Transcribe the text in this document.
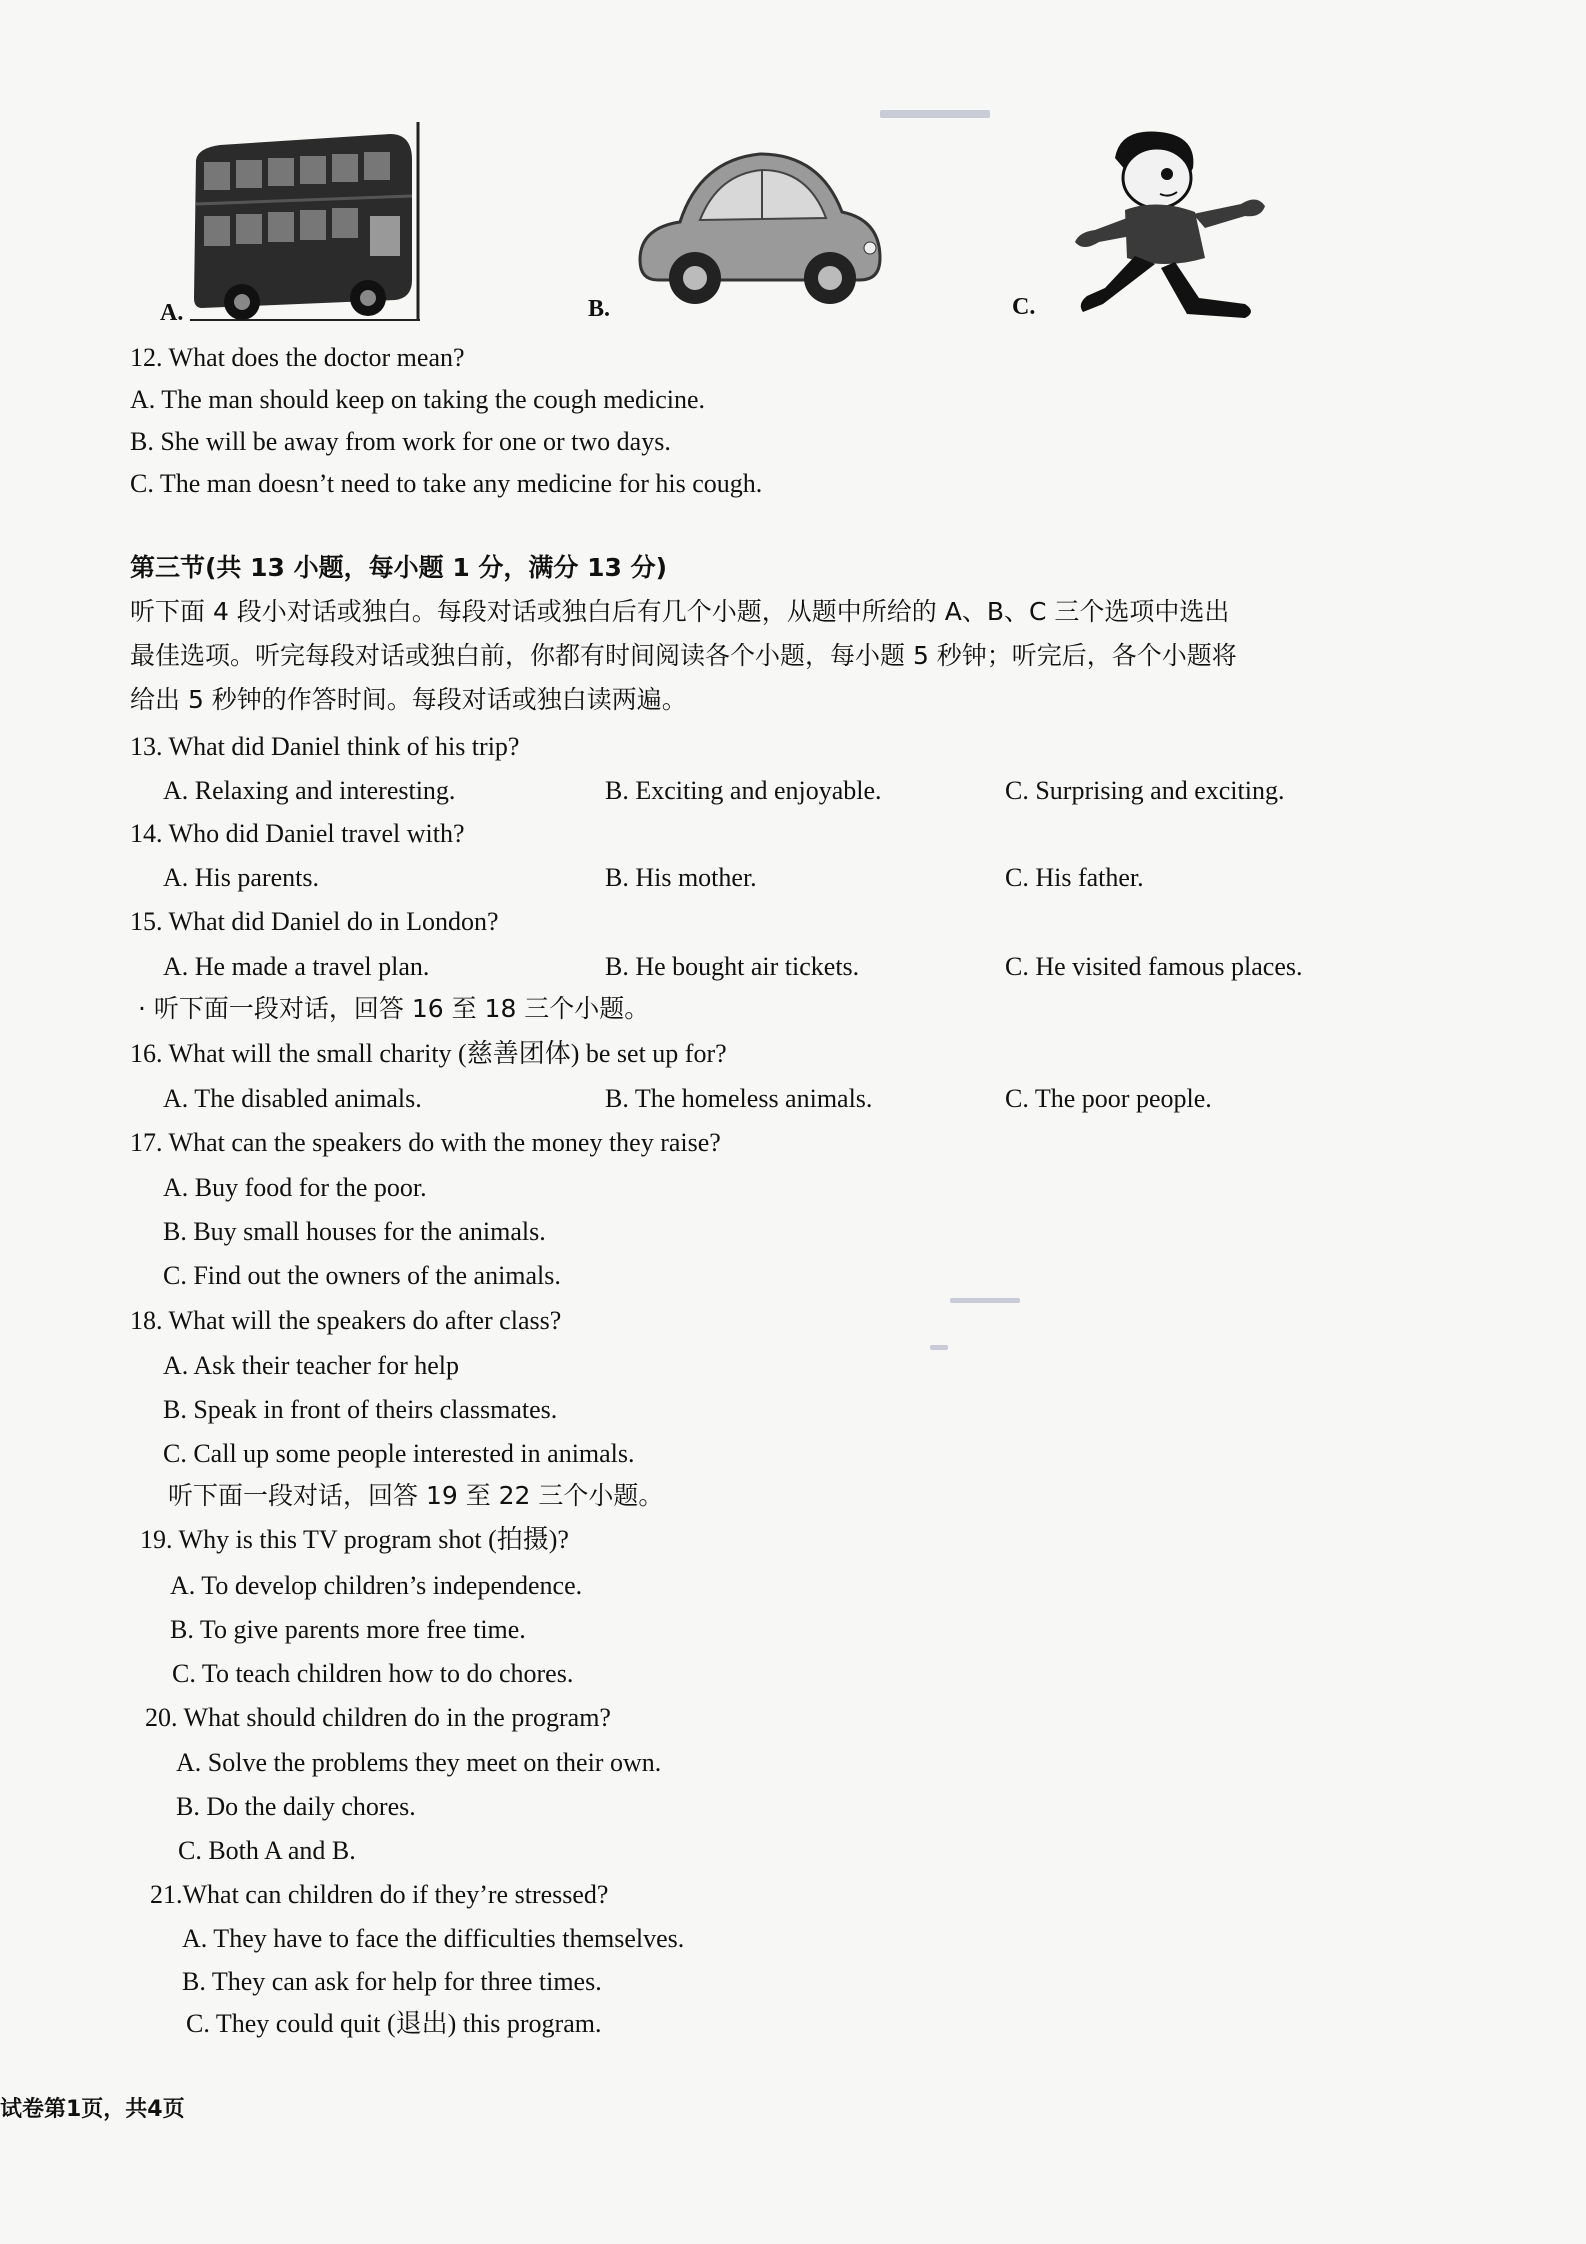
A.	B.	C.
12. What does the doctor mean?
A. The man should keep on taking the cough medicine.
B. She will be away from work for one or two days.
C. The man doesn’t need to take any medicine for his cough.
第三节(共 13 小题，每小题 1 分，满分 13 分)
听下面 4 段小对话或独白。每段对话或独白后有几个小题，从题中所给的 A、B、C 三个选项中选出
最佳选项。听完每段对话或独白前，你都有时间阅读各个小题，每小题 5 秒钟；听完后，各个小题将
给出 5 秒钟的作答时间。每段对话或独白读两遍。
13. What did Daniel think of his trip?
A. Relaxing and interesting.	B. Exciting and enjoyable.	C. Surprising and exciting.
14. Who did Daniel travel with?
A. His parents.	B. His mother.	C. His father.
15. What did Daniel do in London?
A. He made a travel plan.	B. He bought air tickets.	C. He visited famous places.
· 听下面一段对话，回答 16 至 18 三个小题。
16. What will the small charity (慈善团体) be set up for?
A. The disabled animals.	B. The homeless animals.	C. The poor people.
17. What can the speakers do with the money they raise?
A. Buy food for the poor.
B. Buy small houses for the animals.
C. Find out the owners of the animals.
18. What will the speakers do after class?
A. Ask their teacher for help
B. Speak in front of theirs classmates.
C. Call up some people interested in animals.
听下面一段对话，回答 19 至 22 三个小题。
19. Why is this TV program shot (拍摄)?
A. To develop children’s independence.
B. To give parents more free time.
C. To teach children how to do chores.
20. What should children do in the program?
A. Solve the problems they meet on their own.
B. Do the daily chores.
C. Both A and B.
21.What can children do if they’re stressed?
A. They have to face the difficulties themselves.
B. They can ask for help for three times.
C. They could quit (退出) this program.
试卷第1页，共4页
